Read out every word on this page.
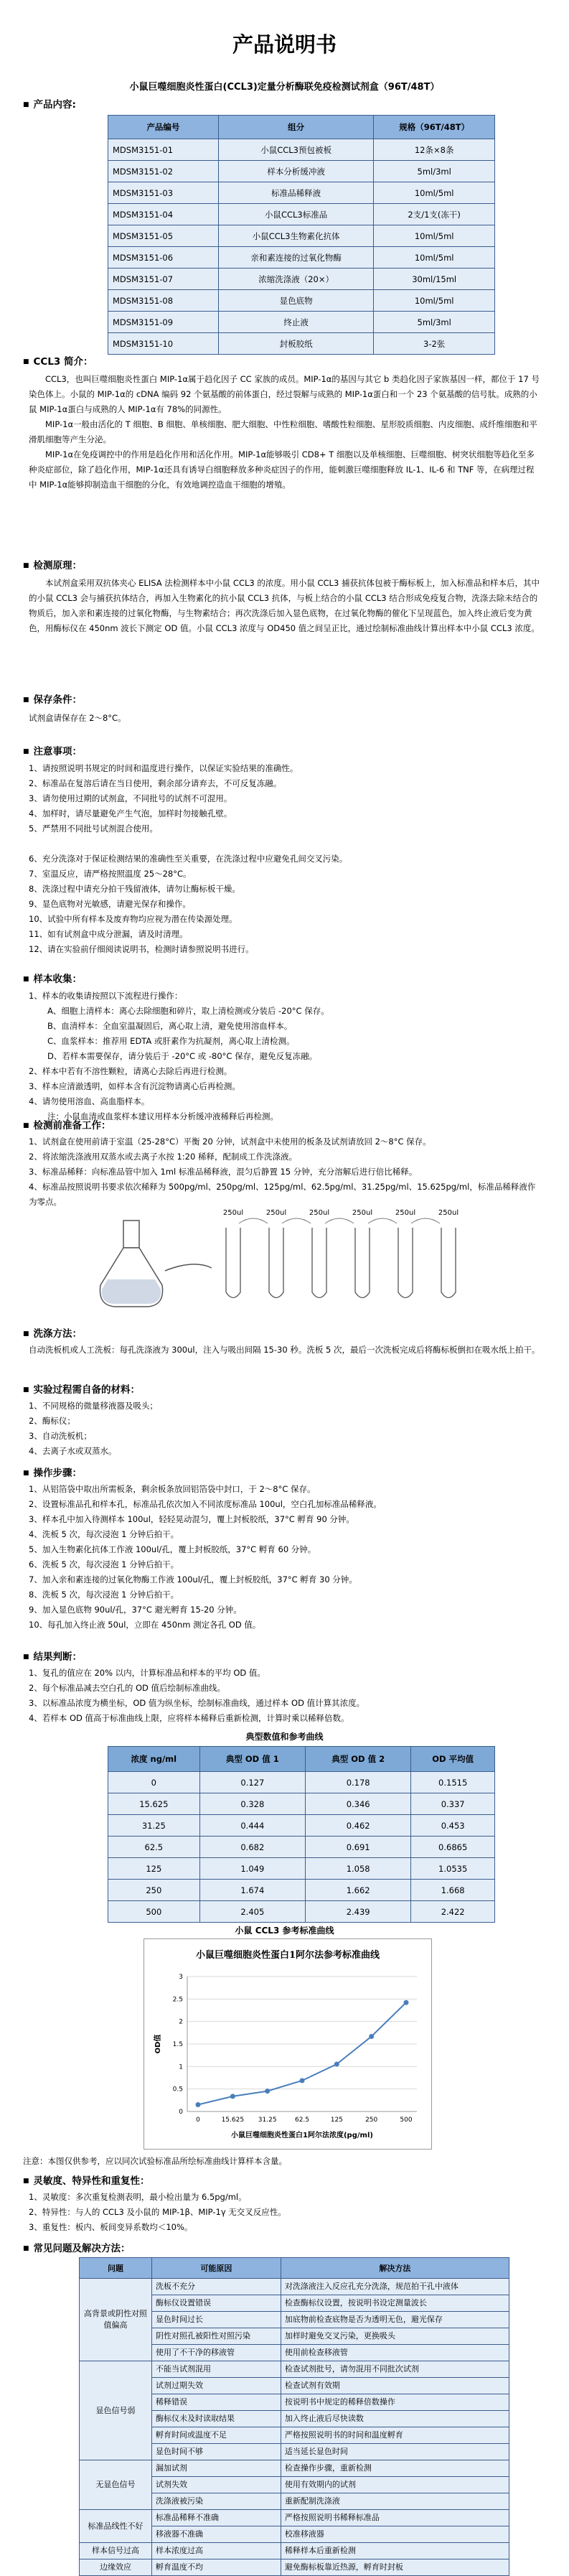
产品说明书
小鼠巨噬细胞炎性蛋白(CCL3)定量分析酶联免疫检测试剂盒（96T/48T）
■ 产品内容:
产品编号	组分	规格（96T/48T）
MDSM3151-01	小鼠CCL3预包被板	12条×8条
MDSM3151-02	样本分析缓冲液	5ml/3ml
MDSM3151-03	标准品稀释液	10ml/5ml
MDSM3151-04	小鼠CCL3标准品	2支/1支(冻干)
MDSM3151-05	小鼠CCL3生物素化抗体	10ml/5ml
MDSM3151-06	亲和素连接的过氧化物酶	10ml/5ml
MDSM3151-07	浓缩洗涤液（20×）	30ml/15ml
MDSM3151-08	显色底物	10ml/5ml
MDSM3151-09	终止液	5ml/3ml
MDSM3151-10	封板胶纸	3-2张
■ CCL3 简介：

CCL3，也叫巨噬细胞炎性蛋白 MIP-1α属于趋化因子 CC 家族的成员。MIP-1α的基因与其它 b 类趋化因子家族基因一样，都位于 17 号染色体上。小鼠的 MIP-1α的 cDNA 编码 92 个氨基酸的前体蛋白，经过裂解与成熟的 MIP-1α蛋白和一个 23 个氨基酸的信号肽。成熟的小鼠 MIP-1α蛋白与成熟的人 MIP-1α有 78%的同源性。

MIP-1α一般由活化的 T 细胞、B 细胞、单核细胞、肥大细胞、中性粒细胞、嗜酸性粒细胞、星形胶质细胞、内皮细胞、成纤维细胞和平滑肌细胞等产生分泌。

MIP-1α在免疫调控中的作用是趋化作用和活化作用。MIP-1α能够吸引 CD8+ T 细胞以及单核细胞、巨噬细胞、树突状细胞等趋化至多种炎症部位，除了趋化作用，MIP-1α还具有诱导白细胞释放多种炎症因子的作用，能刺激巨噬细胞释放 IL-1、IL-6 和 TNF 等，在病理过程中 MIP-1α能够抑制造血干细胞的分化，有效地调控造血干细胞的增殖。

■ 检测原理：

本试剂盒采用双抗体夹心 ELISA 法检测样本中小鼠 CCL3 的浓度。用小鼠 CCL3 捕获抗体包被于酶标板上，加入标准品和样本后，其中的小鼠 CCL3 会与捕获抗体结合，再加入生物素化的抗小鼠 CCL3 抗体，与板上结合的小鼠 CCL3 结合形成免疫复合物，洗涤去除未结合的物质后，加入亲和素连接的过氧化物酶，与生物素结合；再次洗涤后加入显色底物，在过氧化物酶的催化下呈现蓝色，加入终止液后变为黄色，用酶标仪在 450nm 波长下测定 OD 值。小鼠 CCL3 浓度与 OD450 值之间呈正比，通过绘制标准曲线计算出样本中小鼠 CCL3 浓度。

■ 保存条件：
试剂盒请保存在 2～8°C。
■ 注意事项：
1、请按照说明书规定的时间和温度进行操作，以保证实验结果的准确性。
2、标准品在复溶后请在当日使用，剩余部分请弃去，不可反复冻融。
3、请勿使用过期的试剂盒，不同批号的试剂不可混用。
4、加样时，请尽量避免产生气泡，加样时勿接触孔壁。
5、严禁用不同批号试剂混合使用。

6、充分洗涤对于保证检测结果的准确性至关重要，在洗涤过程中应避免孔间交叉污染。
7、室温反应，请严格按照温度 25～28°C。
8、洗涤过程中请充分拍干残留液体，请勿让酶标板干燥。
9、显色底物对光敏感，请避光保存和操作。
10、试验中所有样本及废弃物均应视为潜在传染源处理。
11、如有试剂盒中成分泄漏，请及时清理。
12、请在实验前仔细阅读说明书，检测时请参照说明书进行。
■ 样本收集：
1、样本的收集请按照以下流程进行操作：
A、细胞上清样本：离心去除细胞和碎片，取上清检测或分装后 -20°C 保存。
B、血清样本：全血室温凝固后，离心取上清，避免使用溶血样本。
C、血浆样本：推荐用 EDTA 或肝素作为抗凝剂，离心取上清检测。
D、若样本需要保存，请分装后于 -20°C 或 -80°C 保存，避免反复冻融。
2、样本中若有不溶性颗粒，请离心去除后再进行检测。
3、样本应清澈透明，如样本含有沉淀物请离心后再检测。
4、请勿使用溶血、高血脂样本。
注：小鼠血清或血浆样本建议用样本分析缓冲液稀释后再检测。
■ 检测前准备工作：
1、试剂盒在使用前请于室温（25-28°C）平衡 20 分钟，试剂盒中未使用的板条及试剂请放回 2～8°C 保存。
2、将浓缩洗涤液用双蒸水或去离子水按 1:20 稀释，配制成工作洗涤液。
3、标准品稀释：向标准品管中加入 1ml 标准品稀释液，混匀后静置 15 分钟，充分溶解后进行倍比稀释。
4、标准品按照说明书要求依次稀释为 500pg/ml、250pg/ml、125pg/ml、62.5pg/ml、31.25pg/ml、15.625pg/ml，标准品稀释液作为零点。
250ul	250ul	250ul	250ul	250ul	250ul
■ 洗涤方法：
自动洗板机或人工洗板：每孔洗涤液为 300ul，注入与吸出间隔 15-30 秒。洗板 5 次，最后一次洗板完成后将酶标板倒扣在吸水纸上拍干。
■ 实验过程需自备的材料：
1、不同规格的微量移液器及吸头；
2、酶标仪；
3、自动洗板机；
4、去离子水或双蒸水。
■ 操作步骤：
1、从铝箔袋中取出所需板条，剩余板条放回铝箔袋中封口，于 2～8°C 保存。
2、设置标准品孔和样本孔，标准品孔依次加入不同浓度标准品 100ul，空白孔加标准品稀释液。
3、样本孔中加入待测样本 100ul，轻轻晃动混匀，覆上封板胶纸，37°C 孵育 90 分钟。
4、洗板 5 次，每次浸泡 1 分钟后拍干。
5、加入生物素化抗体工作液 100ul/孔，覆上封板胶纸，37°C 孵育 60 分钟。
6、洗板 5 次，每次浸泡 1 分钟后拍干。
7、加入亲和素连接的过氧化物酶工作液 100ul/孔，覆上封板胶纸，37°C 孵育 30 分钟。
8、洗板 5 次，每次浸泡 1 分钟后拍干。
9、加入显色底物 90ul/孔，37°C 避光孵育 15-20 分钟。
10、每孔加入终止液 50ul，立即在 450nm 测定各孔 OD 值。
■ 结果判断：
1、复孔的值应在 20% 以内，计算标准品和样本的平均 OD 值。
2、每个标准品减去空白孔的 OD 值后绘制标准曲线。
3、以标准品浓度为横坐标，OD 值为纵坐标，绘制标准曲线，通过样本 OD 值计算其浓度。
4、若样本 OD 值高于标准曲线上限，应将样本稀释后重新检测，计算时乘以稀释倍数。
典型数值和参考曲线
浓度 ng/ml	典型 OD 值 1	典型 OD 值 2	OD 平均值
0	0.127	0.178	0.1515
15.625	0.328	0.346	0.337
31.25	0.444	0.462	0.453
62.5	0.682	0.691	0.6865
125	1.049	1.058	1.0535
250	1.674	1.662	1.668
500	2.405	2.439	2.422
小鼠 CCL3 参考标准曲线
小鼠巨噬细胞炎性蛋白1阿尔法参考标准曲线
0
0.5
1
1.5
2
2.5
3
0	15.625 31.25	62.5	125	250	500
OD值
小鼠巨噬细胞炎性蛋白1阿尔法浓度(pg/ml)
注意：本图仅供参考，应以同次试验标准品所绘标准曲线计算样本含量。
■ 灵敏度、特异性和重复性：
1、灵敏度：多次重复检测表明，最小检出量为 6.5pg/ml。
2、特异性：与人的 CCL3 及小鼠的 MIP-1β、MIP-1γ 无交叉反应性。
3、重复性：板内、板间变异系数均＜10%。
■ 常见问题及解决方法：
问题	可能原因	解决方法
高背景或阴性对照值偏高	洗板不充分	对洗涤液注入反应孔充分洗涤，规范拍干孔中液体
	酶标仪设置错误	检查酶标仪设置，按说明书设定测量波长
	显色时间过长	加底物前检查底物是否为透明无色，避光保存
	阴性对照孔被阳性对照污染	加样时避免交叉污染，更换吸头
	使用了不干净的移液管	使用前检查移液管
显色信号弱	不能当试剂混用	检查试剂批号，请勿混用不同批次试剂
	试剂过期失效	检查试剂有效期
	稀释错误	按说明书中规定的稀释倍数操作
	酶标仪未及时读取结果	加入终止液后尽快读数
	孵育时间或温度不足	严格按照说明书的时间和温度孵育
	显色时间不够	适当延长显色时间
无显色信号	漏加试剂	检查操作步骤，重新检测
	试剂失效	使用有效期内的试剂
	洗涤液被污染	重新配制洗涤液
标准品线性不好	标准品稀释不准确	严格按照说明书稀释标准品
	移液器不准确	校准移液器
样本信号过高	样本浓度过高	稀释样本后重新检测
边缘效应	孵育温度不均	避免酶标板靠近热源，孵育时封板
